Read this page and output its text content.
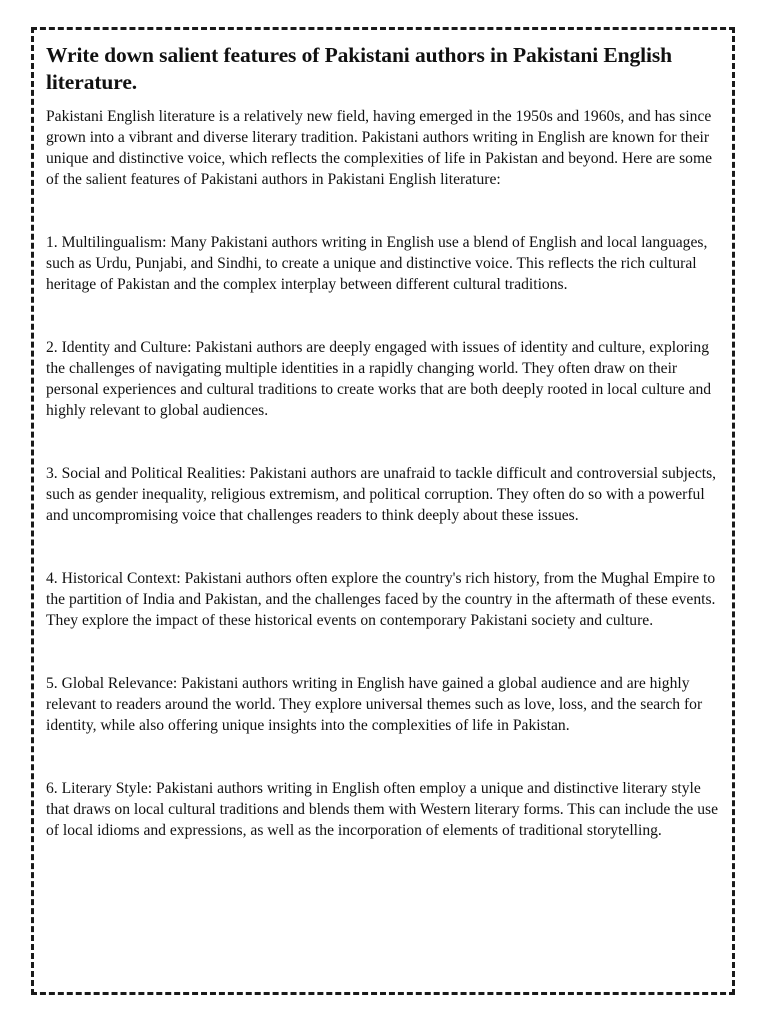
Write down salient features of Pakistani authors in Pakistani English literature.

Pakistani English literature is a relatively new field, having emerged in the 1950s and 1960s, and has since grown into a vibrant and diverse literary tradition. Pakistani authors writing in English are known for their unique and distinctive voice, which reflects the complexities of life in Pakistan and beyond. Here are some of the salient features of Pakistani authors in Pakistani English literature:

1. Multilingualism: Many Pakistani authors writing in English use a blend of English and local languages, such as Urdu, Punjabi, and Sindhi, to create a unique and distinctive voice. This reflects the rich cultural heritage of Pakistan and the complex interplay between different cultural traditions.

2. Identity and Culture: Pakistani authors are deeply engaged with issues of identity and culture, exploring the challenges of navigating multiple identities in a rapidly changing world. They often draw on their personal experiences and cultural traditions to create works that are both deeply rooted in local culture and highly relevant to global audiences.

3. Social and Political Realities: Pakistani authors are unafraid to tackle difficult and controversial subjects, such as gender inequality, religious extremism, and political corruption. They often do so with a powerful and uncompromising voice that challenges readers to think deeply about these issues.

4. Historical Context: Pakistani authors often explore the country's rich history, from the Mughal Empire to the partition of India and Pakistan, and the challenges faced by the country in the aftermath of these events. They explore the impact of these historical events on contemporary Pakistani society and culture.

5. Global Relevance: Pakistani authors writing in English have gained a global audience and are highly relevant to readers around the world. They explore universal themes such as love, loss, and the search for identity, while also offering unique insights into the complexities of life in Pakistan.

6. Literary Style: Pakistani authors writing in English often employ a unique and distinctive literary style that draws on local cultural traditions and blends them with Western literary forms. This can include the use of local idioms and expressions, as well as the incorporation of elements of traditional storytelling.
